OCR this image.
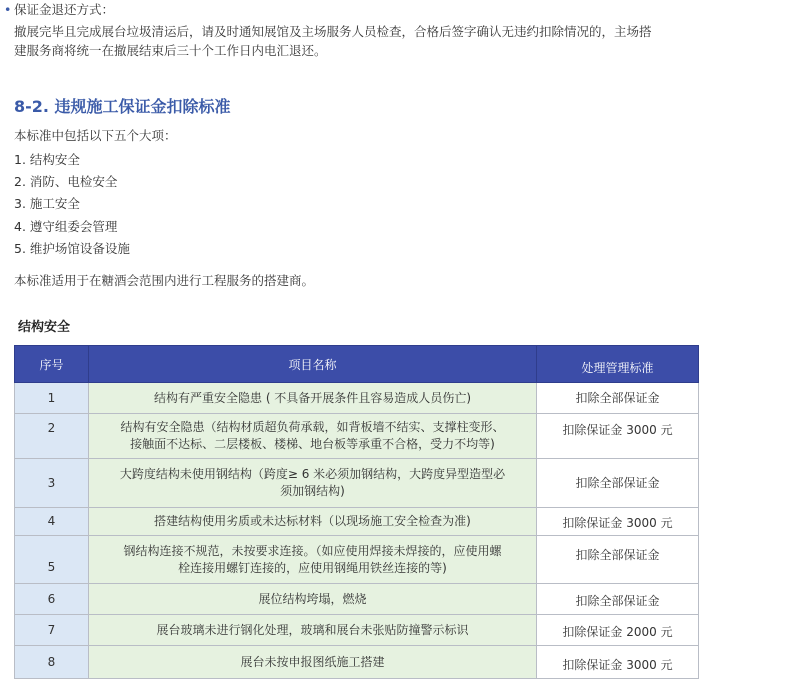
• 保证金退还方式：
撤展完毕且完成展台垃圾清运后，请及时通知展馆及主场服务人员检查，合格后签字确认无违约扣除情况的，主场搭
建服务商将统一在撤展结束后三十个工作日内电汇退还。
8-2. 违规施工保证金扣除标准
本标准中包括以下五个大项：
1. 结构安全
2. 消防、电检安全
3. 施工安全
4. 遵守组委会管理
5. 维护场馆设备设施
本标准适用于在糖酒会范围内进行工程服务的搭建商。
结构安全
序号	项目名称	处理管理标准
1	结构有严重安全隐患 ( 不具备开展条件且容易造成人员伤亡)	扣除全部保证金
2	结构有安全隐患（结构材质超负荷承载，如背板墙不结实、支撑柱变形、
接触面不达标、二层楼板、楼梯、地台板等承重不合格，受力不均等)	扣除保证金 3000 元
3	大跨度结构未使用钢结构（跨度≥ 6 米必须加钢结构，大跨度异型造型必
须加钢结构)	扣除全部保证金
4	搭建结构使用劣质或未达标材料（以现场施工安全检查为准)	扣除保证金 3000 元
5	钢结构连接不规范，未按要求连接。（如应使用焊接未焊接的，应使用螺
栓连接用螺钉连接的，应使用钢绳用铁丝连接的等)	扣除全部保证金
6	展位结构垮塌，燃烧	扣除全部保证金
7	展台玻璃未进行钢化处理，玻璃和展台未张贴防撞警示标识	扣除保证金 2000 元
8	展台未按申报图纸施工搭建	扣除保证金 3000 元
